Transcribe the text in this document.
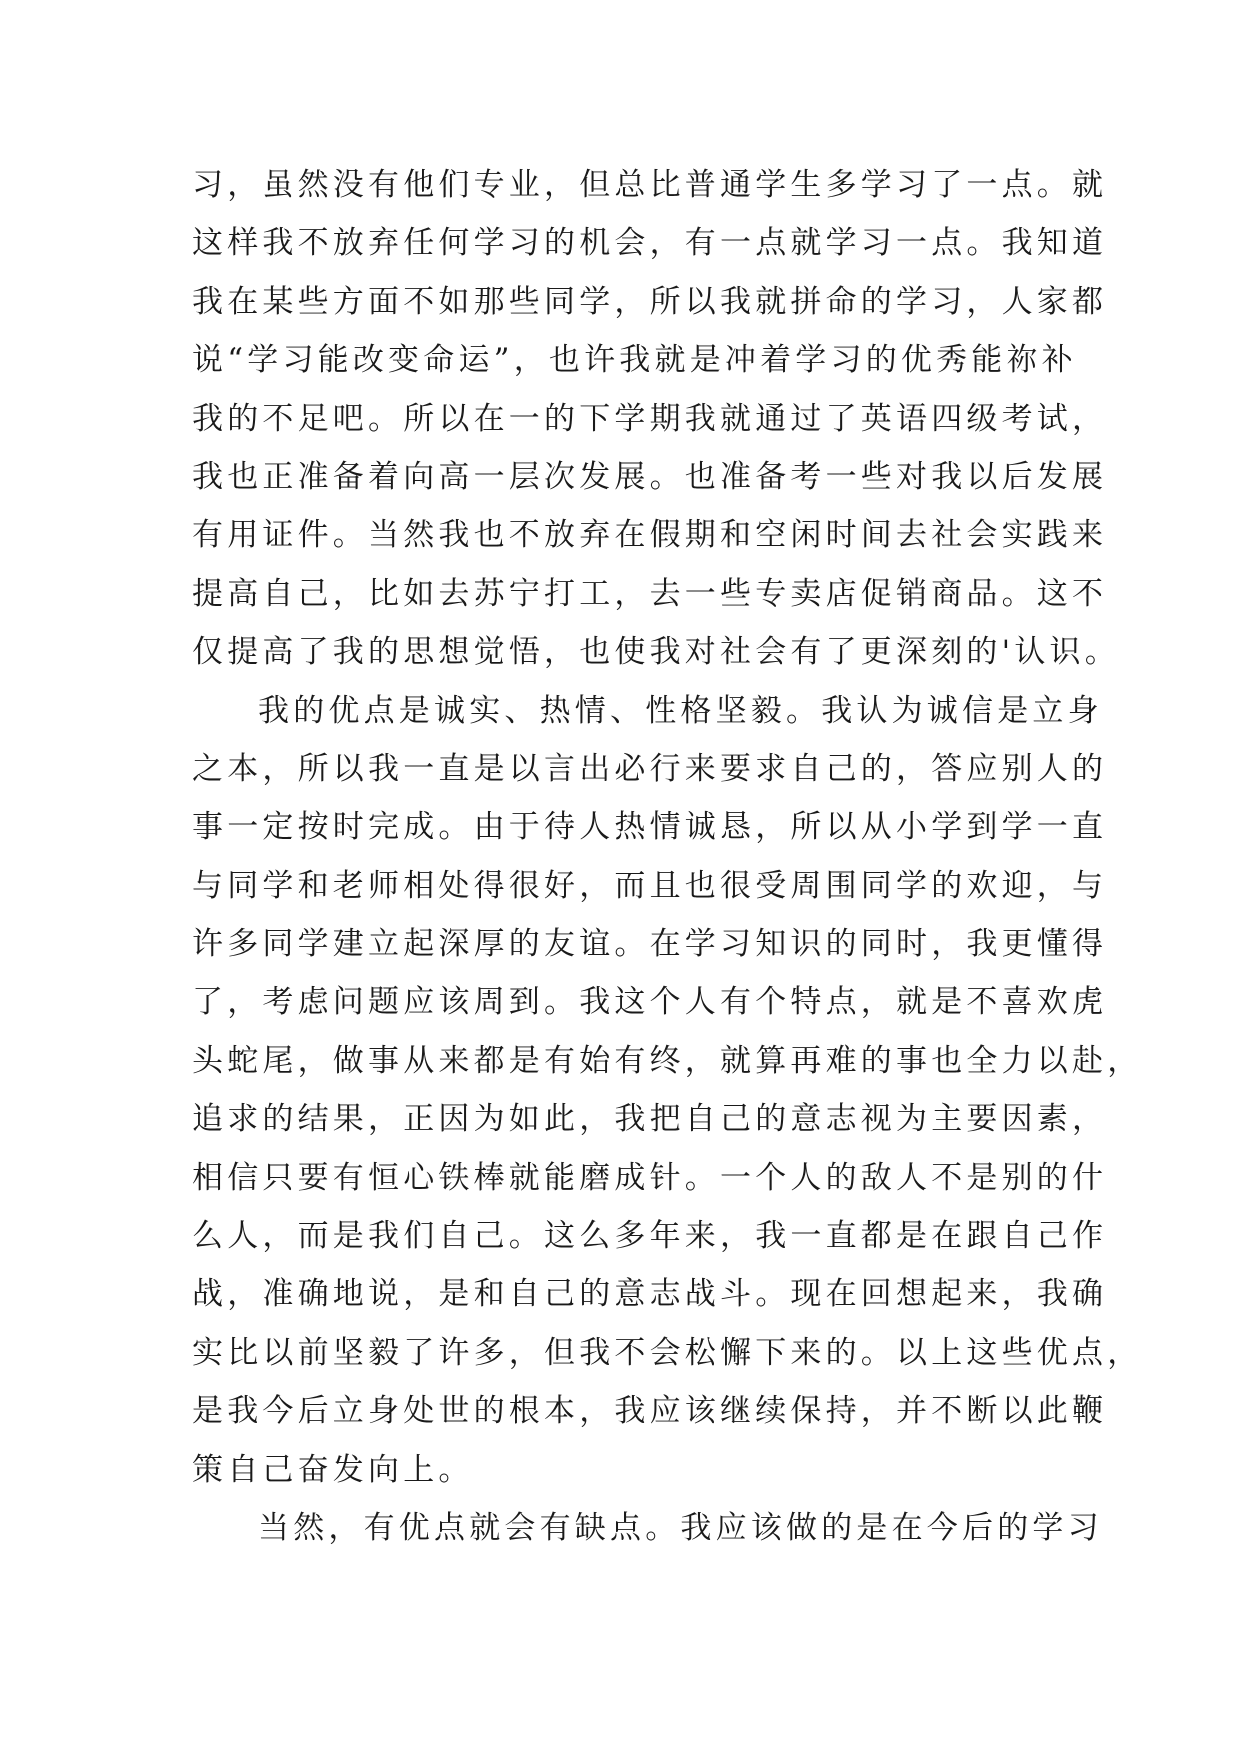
习，虽然没有他们专业，但总比普通学生多学习了一点。就
这样我不放弃任何学习的机会，有一点就学习一点。我知道
我在某些方面不如那些同学，所以我就拼命的学习，人家都
说“学习能改变命运”，也许我就是冲着学习的优秀能祢补
我的不足吧。所以在一的下学期我就通过了英语四级考试，
我也正准备着向高一层次发展。也准备考一些对我以后发展
有用证件。当然我也不放弃在假期和空闲时间去社会实践来
提高自己，比如去苏宁打工，去一些专卖店促销商品。这不
仅提高了我的思想觉悟，也使我对社会有了更深刻的'认识。
我的优点是诚实、热情、性格坚毅。我认为诚信是立身
之本，所以我一直是以言出必行来要求自己的，答应别人的
事一定按时完成。由于待人热情诚恳，所以从小学到学一直
与同学和老师相处得很好，而且也很受周围同学的欢迎，与
许多同学建立起深厚的友谊。在学习知识的同时，我更懂得
了，考虑问题应该周到。我这个人有个特点，就是不喜欢虎
头蛇尾，做事从来都是有始有终，就算再难的事也全力以赴，
追求的结果，正因为如此，我把自己的意志视为主要因素，
相信只要有恒心铁棒就能磨成针。一个人的敌人不是别的什
么人，而是我们自己。这么多年来，我一直都是在跟自己作
战，准确地说，是和自己的意志战斗。现在回想起来，我确
实比以前坚毅了许多，但我不会松懈下来的。以上这些优点，
是我今后立身处世的根本，我应该继续保持，并不断以此鞭
策自己奋发向上。
当然，有优点就会有缺点。我应该做的是在今后的学习
